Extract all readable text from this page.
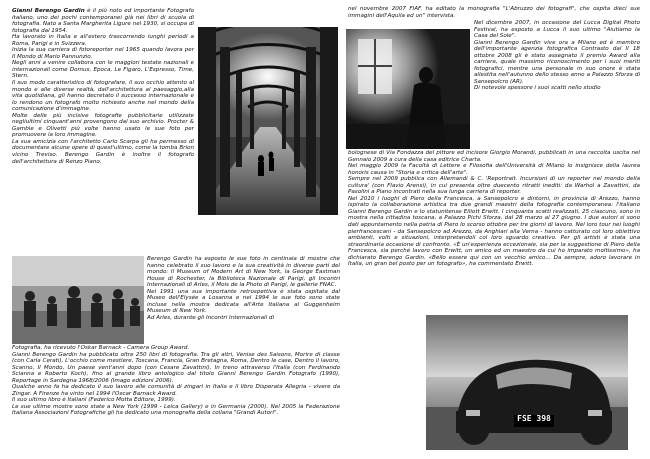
Gianni Berengo Gardin è il più noto ed importante Fotografo italiano, uno dei pochi contemporanei già nei libri di scuola di fotografia. Nato a Santa Margherita Ligure nel 1930, si occupa di fotografia dal 1954.

Ha lavorato in Italia e all'estero trascorrendo lunghi periodi a Roma, Parigi e in Svizzera.

Inizia la sua carriera di fotoreporter nel 1965 quando lavora per Il Mondo di Mario Pannunzio.

Negli anni a venire collabora con le maggiori testate nazionali e internazionali come Domus, Epoca, Le Figaro, L'Espresso, Time, Stern.

Il suo modo caratteristico di fotografare, il suo occhio attento al mondo e alle diverse realtà, dall'architettura al paesaggio,alla vita quotidiana, gli hanno decretato il successo internazionale e lo rendono un fotografo molto richiesto anche nel mondo della comunicazione d'immagine.

Molte delle più incisive fotografie pubblicitarie utilizzate negliultimi cinquant'anni provengono dal suo archivio. Procter & Gamble e Olivetti più volte hanno usato le sue foto per promuovere la loro immagine.

La sua amicizia con l'architetto Carlo Scarpa gli ha permesso di documentare alcune opere di quest'ultimo, come la tomba Brion vicino Treviso. Berengo Gardin è inoltre il fotografo dell'architettura di Renzo Piano.

Berengo Gardin ha esposto le sue foto in centinaia di mostre che hanno celebrato il suo lavoro e la sua creatività in diverse parti del mondo: Il Museum of Modern Art di New York, la George Eastman House di Rochester, la Biblioteca Nazionale di Parigi, gli Incontri Internazionali di Arles, il Mois de la Photo di Parigi, le gallerie FNAC.

Nel 1991 una sua importante retrospettiva è stata ospitata dal Museo dell'Elysée a Losanna e nel 1994 le sue foto sono state incluse nella mostra dedicata all'Arte Italiana al Guggenheim Museum di New York.

Ad Arles, durante gli Incontri Internazionali di

Fotografia, ha ricevuto l'Oskar Barnack - Camera Group Award.

Gianni Berengo Gardin ha pubblicato oltre 250 libri di fotografia. Tra gli altri, Venise des Saisons, Morire di classe (con Carla Cerati), L'occhio come mestiere, Toscana, Francia, Gran Bretagna, Roma, Dentro le case, Dentro il lavoro, Scanno, Il Mondo, Un paese vent'anni dopo (con Cesare Zavattini), In treno attraverso l'Italia (con Ferdinando Scianna e Roberto Koch), fino al grande libro antologico dal titolo Gianni Berengo Gardin Fotografo (1990), Reportage in Sardegna 1968/2006 (Imago edizioni 2006).

Qualche anno fa ha dedicato il suo lavoro alle comunità di zingari in Italia e il libro Disperata Allegria - vivere da Zingar. A Firenze ha vinto nel 1994 l'Oscar Barnack Award.

Il suo ultimo libro è Italiani (Federico Motta Editore, 1999).

Le sue ultime mostre sono state a New York (1999 - Leica Gallery) e in Germania (2000). Nel 2005 la Federazione Italiana Associazioni Fotografiche gli ha dedicato una monografia della collana "Grandi Autori".

nel novembre 2007 FIAF. ha editato la monografia "L'Abruzzo dei fotografi", che ospita dieci sue immagini dell'Aquila ed un" intervista.

Nel dicembre 2007, in occasione del Lucca Digital Photo Festival, ha esposto a Lucca il suo ultimo "Aiutiamo la Casa del Sole".

Gianni Berengo Gardin vive ora a Milano ed è membro dell'importante agenzia fotografica Contrasto dal Il 18 ottobre 2008 gli è stato assegnato il premio Award alla carriera, quale massimo riconoscimento per i suoi meriti fotografici, mentre una personale in suo onore è stata allestita nell'autunno dello stesso anno a Palazzo Sforza di Sansepolcro (AR).

Di notevole spessore i suoi scatti nello studio

bolognese di Via Fondazza del pittore ed incisore Giorgio Morandi, pubblicati in una raccolta uscita nel Gennaio 2009 a cura della casa editrice Charta.

Nel maggio 2009 la Facoltà di Lettere e Filosofia dell'Università di Milano lo insignisce della laurea honoris causa in "Storia e critica dell'arte".

Sempre nel 2009 pubblica con Allemandi & C. 'Reportrait. Incursioni di un reporter nel mondo della cultura' (con Flavio Arensi), in cui presenta oltre duecento ritratti inediti: da Warhol a Zavattini, da Pasolini a Piano incontrati nella sua lunga carriera di reporter.

Nel 2010 i luoghi di Piero della Francesca, a Sansepolcro e dintorni, in provincia di Arezzo, hanno ispirato la collaborazione artistica tra due grandi maestri della fotografia contemporanea: l'italiano Gianni Berengo Gardin e lo statunitense Elliott Erwitt. I cinquanta scatti realizzati, 25 ciascuno, sono in mostra nella cittadina toscana, a Palazzo Pichi Sforza, dal 28 marzo al 27 giugno. I due autori si sono dati appuntamento nella patria di Piero lo scorso ottobre per tre giorni di lavoro. Nel loro tour nei luoghi pierfrancescani - da Sansepolcro ad Arezzo, da Anghiari alla Verna - hanno catturato col loro obiettivo ambienti, volti e situazioni, interpretandoli col loro sguardo creativo. Per gli artisti è stata una straordinaria occasione di confronto. «È un'esperienza eccezionale, sia per la suggestione di Piero della Francesca, sia perché lavoro con Erwitt, un amico ed un maestro da cui ho imparato moltissimo», ha dichiarato Berengo Gardin. «Bello essere qui con un vecchio amico... Da sempre, adoro lavorare in Italia, un gran bel posto per un fotografo», ha commentato Erwitt.

FSE 398
